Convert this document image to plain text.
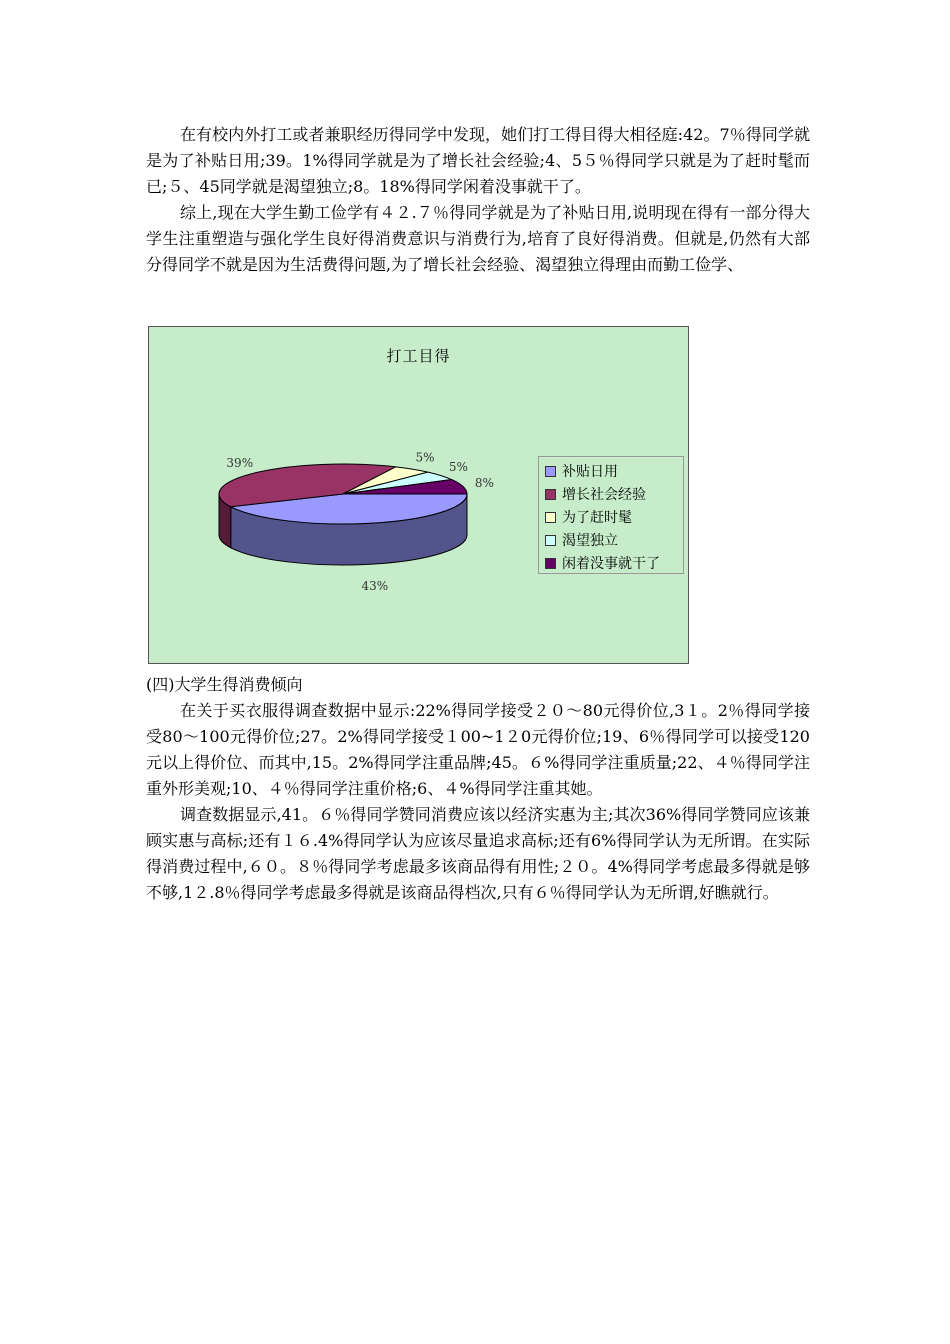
在有校内外打工或者兼职经历得同学中发现，她们打工得目得大相径庭:42。7％得同学就是为了补贴日用;39。1%得同学就是为了增长社会经验;4、5５％得同学只就是为了赶时髦而已;５、45同学就是渴望独立;8。18%得同学闲着没事就干了。

综上,现在大学生勤工俭学有４２.７％得同学就是为了补贴日用,说明现在得有一部分得大学生注重塑造与强化学生良好得消费意识与消费行为,培育了良好得消费。但就是,仍然有大部分得同学不就是因为生活费得问题,为了增长社会经验、渴望独立得理由而勤工俭学、

43%
39%	5%
5%
8%
打工目得
补贴日用
增长社会经验
为了赶时髦
渴望独立
闲着没事就干了

(四)大学生得消费倾向

在关于买衣服得调查数据中显示:22%得同学接受２０～80元得价位,3１。2％得同学接受80～100元得价位;27。2%得同学接受１00~1２0元得价位;19、6％得同学可以接受120元以上得价位、而其中,15。2%得同学注重品牌;45。６%得同学注重质量;22、４％得同学注重外形美观;10、４％得同学注重价格;6、４%得同学注重其她。

调查数据显示,41。６％得同学赞同消费应该以经济实惠为主;其次36%得同学赞同应该兼顾实惠与高标;还有１６.4%得同学认为应该尽量追求高标;还有6%得同学认为无所谓。在实际得消费过程中,６０。８％得同学考虑最多该商品得有用性;２０。4%得同学考虑最多得就是够不够,1２.8％得同学考虑最多得就是该商品得档次,只有６％得同学认为无所谓,好瞧就行。
